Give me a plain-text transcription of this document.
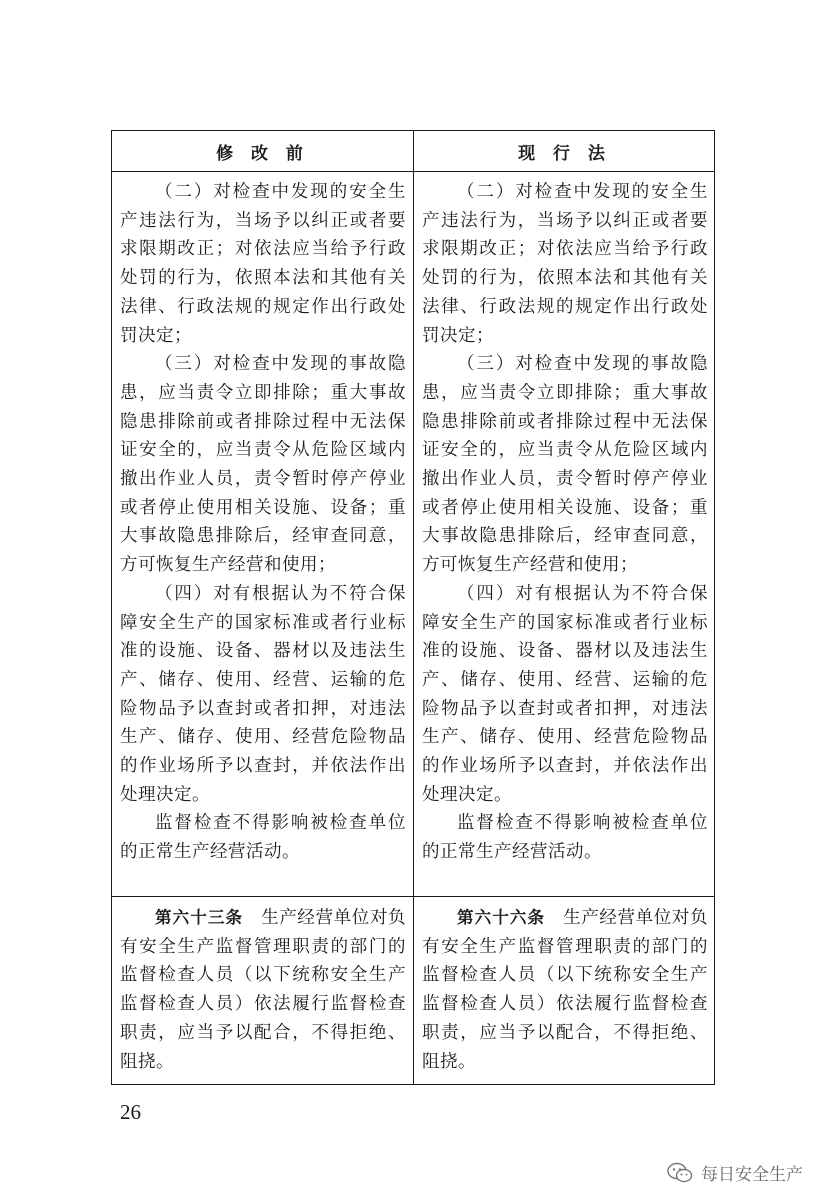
修 改 前	现 行 法

（二）对检查中发现的安全生产违法行为，当场予以纠正或者要求限期改正；对依法应当给予行政处罚的行为，依照本法和其他有关法律、行政法规的规定作出行政处罚决定；

（三）对检查中发现的事故隐患，应当责令立即排除；重大事故隐患排除前或者排除过程中无法保证安全的，应当责令从危险区域内撤出作业人员，责令暂时停产停业或者停止使用相关设施、设备；重大事故隐患排除后，经审查同意，方可恢复生产经营和使用；

（四）对有根据认为不符合保障安全生产的国家标准或者行业标准的设施、设备、器材以及违法生产、储存、使用、经营、运输的危险物品予以查封或者扣押，对违法生产、储存、使用、经营危险物品的作业场所予以查封，并依法作出处理决定。

监督检查不得影响被检查单位的正常生产经营活动。

（二）对检查中发现的安全生产违法行为，当场予以纠正或者要求限期改正；对依法应当给予行政处罚的行为，依照本法和其他有关法律、行政法规的规定作出行政处罚决定；

（三）对检查中发现的事故隐患，应当责令立即排除；重大事故隐患排除前或者排除过程中无法保证安全的，应当责令从危险区域内撤出作业人员，责令暂时停产停业或者停止使用相关设施、设备；重大事故隐患排除后，经审查同意，方可恢复生产经营和使用；

（四）对有根据认为不符合保障安全生产的国家标准或者行业标准的设施、设备、器材以及违法生产、储存、使用、经营、运输的危险物品予以查封或者扣押，对违法生产、储存、使用、经营危险物品的作业场所予以查封，并依法作出处理决定。

监督检查不得影响被检查单位的正常生产经营活动。

第六十三条　 生产经营单位对负有安全生产监督管理职责的部门的监督检查人员（以下统称安全生产监督检查人员）依法履行监督检查职责，应当予以配合，不得拒绝、阻挠。

第六十六条　 生产经营单位对负有安全生产监督管理职责的部门的监督检查人员（以下统称安全生产监督检查人员）依法履行监督检查职责，应当予以配合，不得拒绝、阻挠。

26
每日安全生产
